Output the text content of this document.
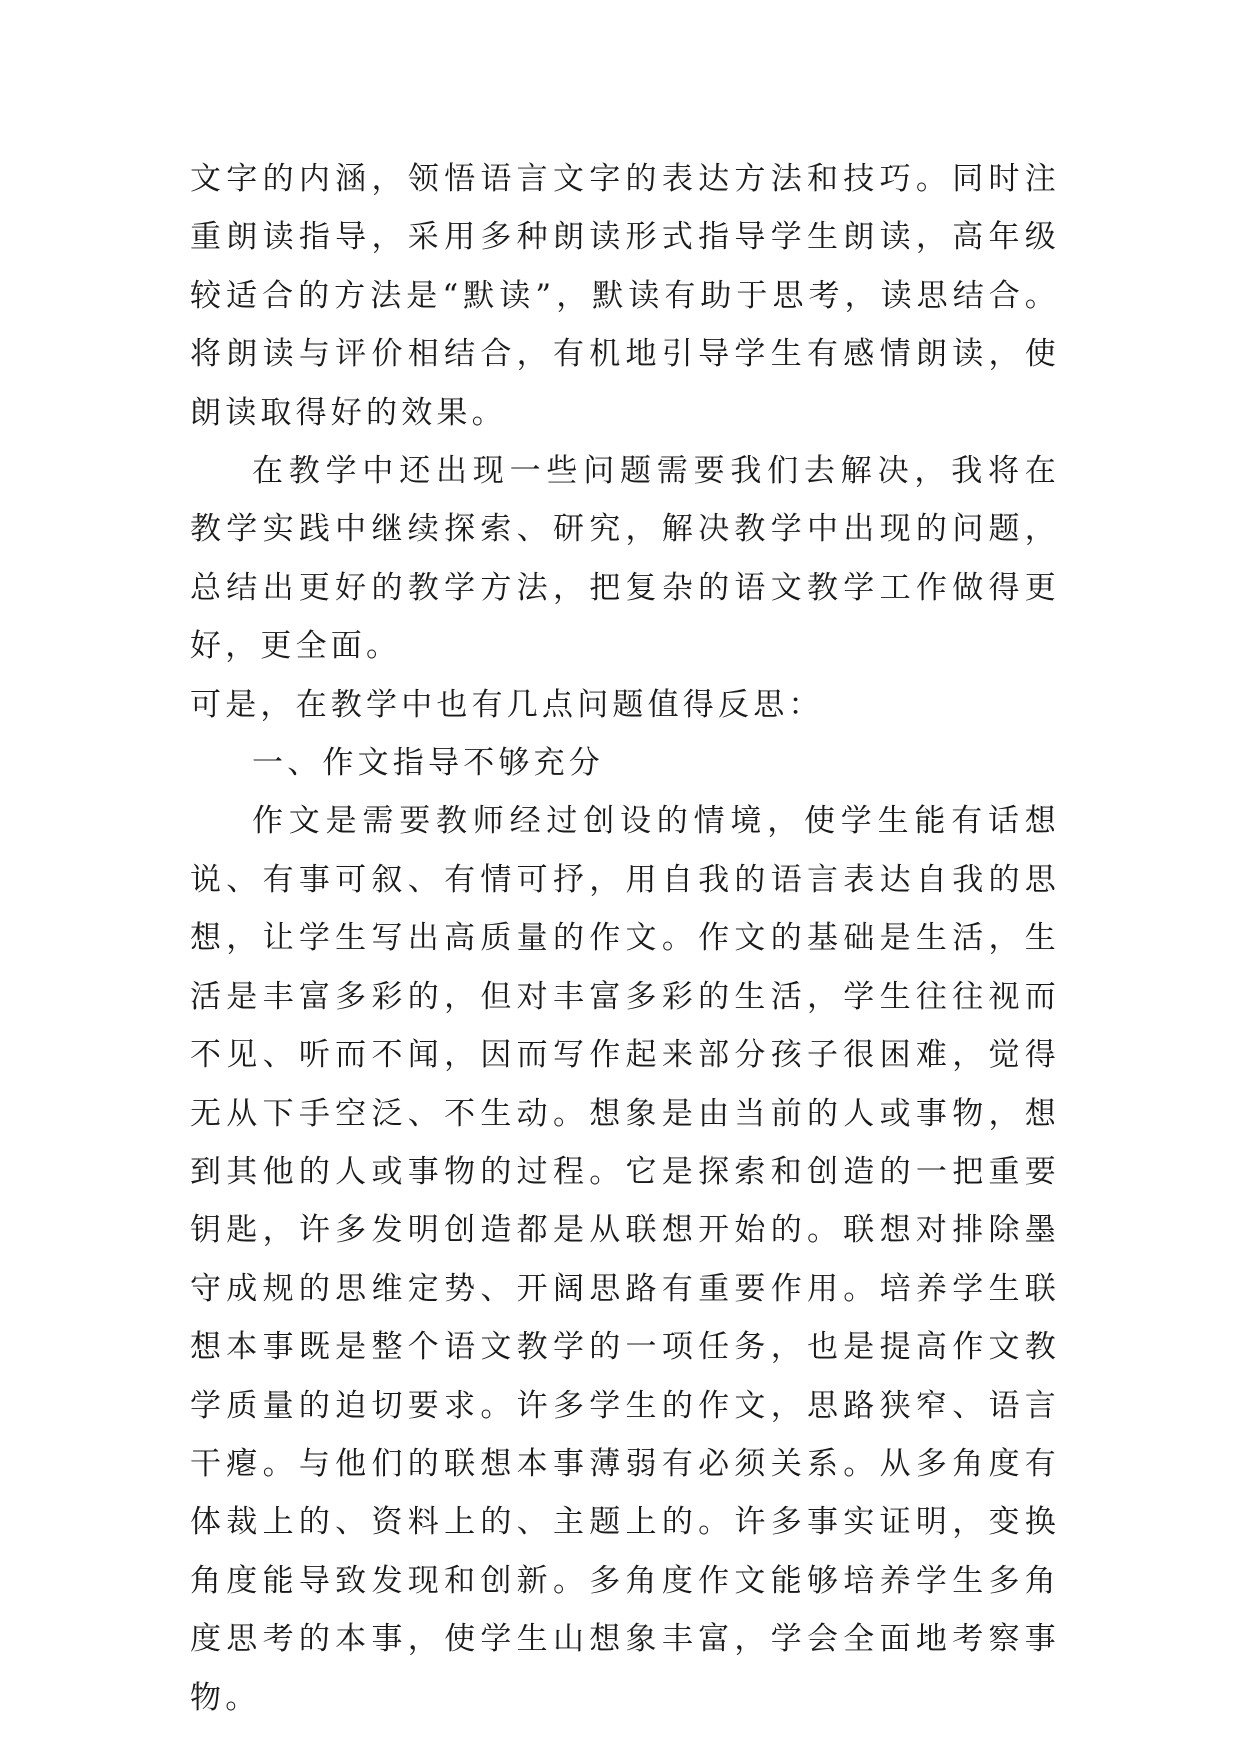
文字的内涵，领悟语言文字的表达方法和技巧。同时注重朗读指导，采用多种朗读形式指导学生朗读，高年级较适合的方法是“默读”，默读有助于思考，读思结合。将朗读与评价相结合，有机地引导学生有感情朗读，使朗读取得好的效果。

在教学中还出现一些问题需要我们去解决，我将在教学实践中继续探索、研究，解决教学中出现的问题，总结出更好的教学方法，把复杂的语文教学工作做得更好，更全面。

可是，在教学中也有几点问题值得反思：

一、作文指导不够充分

作文是需要教师经过创设的情境，使学生能有话想说、有事可叙、有情可抒，用自我的语言表达自我的思想，让学生写出高质量的作文。作文的基础是生活，生活是丰富多彩的，但对丰富多彩的生活，学生往往视而不见、听而不闻，因而写作起来部分孩子很困难，觉得无从下手空泛、不生动。想象是由当前的人或事物，想到其他的人或事物的过程。它是探索和创造的一把重要钥匙，许多发明创造都是从联想开始的。联想对排除墨守成规的思维定势、开阔思路有重要作用。培养学生联想本事既是整个语文教学的一项任务，也是提高作文教学质量的迫切要求。许多学生的作文，思路狭窄、语言干瘪。与他们的联想本事薄弱有必须关系。从多角度有体裁上的、资料上的、主题上的。许多事实证明，变换角度能导致发现和创新。多角度作文能够培养学生多角度思考的本事，使学生山想象丰富，学会全面地考察事物。
